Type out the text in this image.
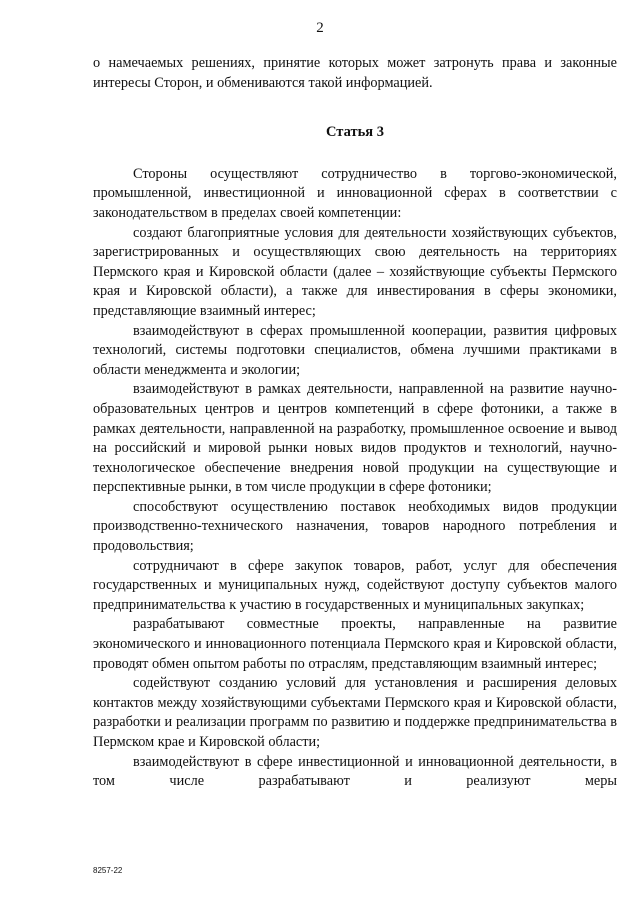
2

о намечаемых решениях, принятие которых может затронуть права и законные интересы Сторон, и обмениваются такой информацией.

Статья 3

Стороны осуществляют сотрудничество в торгово-экономической, промышленной, инвестиционной и инновационной сферах в соответствии с законодательством в пределах своей компетенции:

создают благоприятные условия для деятельности хозяйствующих субъектов, зарегистрированных и осуществляющих свою деятельность на территориях Пермского края и Кировской области (далее – хозяйствующие субъекты Пермского края и Кировской области), а также для инвестирования в сферы экономики, представляющие взаимный интерес;

взаимодействуют в сферах промышленной кооперации, развития цифровых технологий, системы подготовки специалистов, обмена лучшими практиками в области менеджмента и экологии;

взаимодействуют в рамках деятельности, направленной на развитие научно-образовательных центров и центров компетенций в сфере фотоники, а также в рамках деятельности, направленной на разработку, промышленное освоение и вывод на российский и мировой рынки новых видов продуктов и технологий, научно-технологическое обеспечение внедрения новой продукции на существующие и перспективные рынки, в том числе продукции в сфере фотоники;

способствуют осуществлению поставок необходимых видов продукции производственно-технического назначения, товаров народного потребления и продовольствия;

сотрудничают в сфере закупок товаров, работ, услуг для обеспечения государственных и муниципальных нужд, содействуют доступу субъектов малого предпринимательства к участию в государственных и муниципальных закупках;

разрабатывают совместные проекты, направленные на развитие экономического и инновационного потенциала Пермского края и Кировской области, проводят обмен опытом работы по отраслям, представляющим взаимный интерес;

содействуют созданию условий для установления и расширения деловых контактов между хозяйствующими субъектами Пермского края и Кировской области, разработки и реализации программ по развитию и поддержке предпринимательства в Пермском крае и Кировской области;

взаимодействуют в сфере инвестиционной и инновационной деятельности, в том числе разрабатывают и реализуют меры

8257-22
